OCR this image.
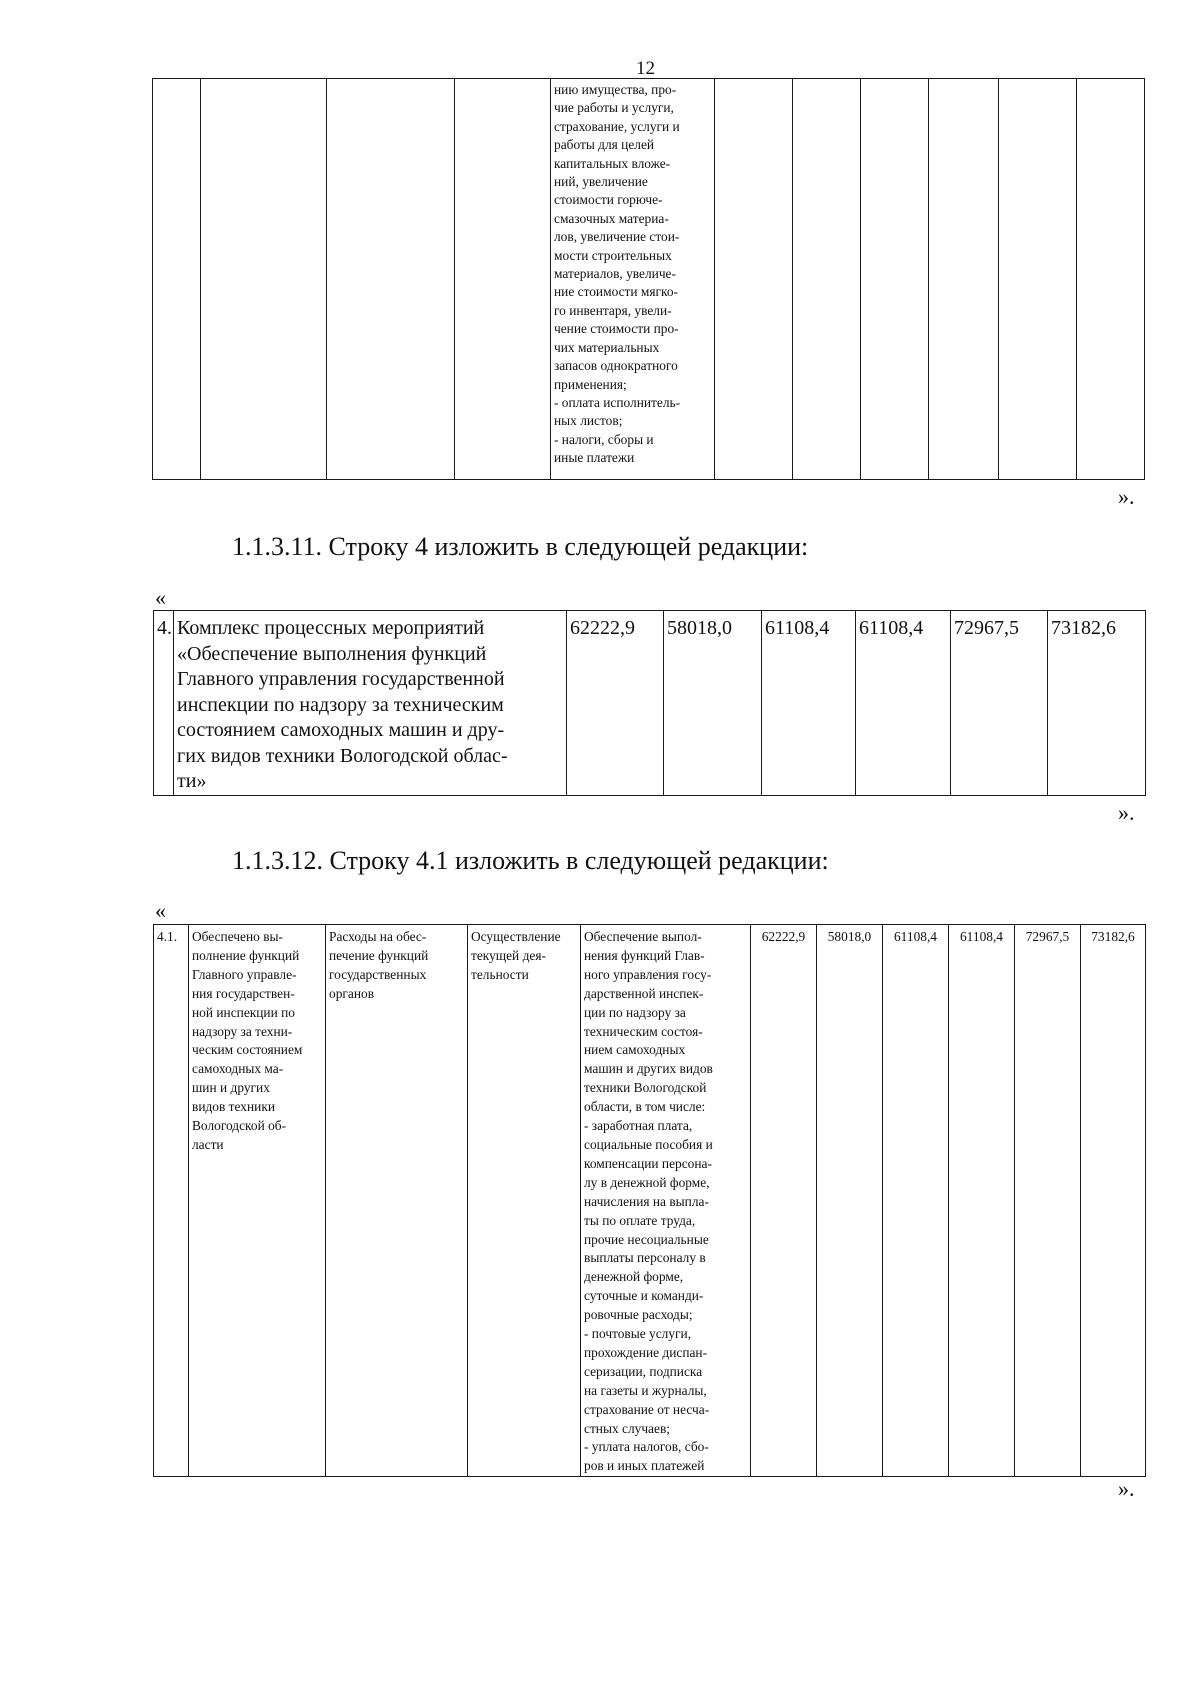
12
				нию имущества, про-
чие работы и услуги,
страхование, услуги и
работы для целей
капитальных вложе-
ний, увеличение
стоимости горюче-
смазочных материа-
лов, увеличение стои-
мости строительных
материалов, увеличе-
ние стоимости мягко-
го инвентаря, увели-
чение стоимости про-
чих материальных
запасов однократного
применения;
- оплата исполнитель-
ных листов;
- налоги, сборы и
иные платежи						
».
1.1.3.11. Строку 4 изложить в следующей редакции:
«
4.	Комплекс процессных мероприятий
«Обеспечение выполнения функций
Главного управления государственной
инспекции по надзору за техническим
состоянием самоходных машин и дру-
гих видов техники Вологодской облас-
ти»	62222,9	58018,0	61108,4	61108,4	72967,5	73182,6
».
1.1.3.12. Строку 4.1 изложить в следующей редакции:
«
4.1.	Обеспечено вы-
полнение функций
Главного управле-
ния государствен-
ной инспекции по
надзору за техни-
ческим состоянием
самоходных ма-
шин и других
видов техники
Вологодской об-
ласти	Расходы на обес-
печение функций
государственных
органов	Осуществление
текущей дея-
тельности	Обеспечение выпол-
нения функций Глав-
ного управления госу-
дарственной инспек-
ции по надзору за
техническим состоя-
нием самоходных
машин и других видов
техники Вологодской
области, в том числе:
- заработная плата,
социальные пособия и
компенсации персона-
лу в денежной форме,
начисления на выпла-
ты по оплате труда,
прочие несоциальные
выплаты персоналу в
денежной форме,
суточные и команди-
ровочные расходы;
- почтовые услуги,
прохождение диспан-
серизации, подписка
на газеты и журналы,
страхование от несча-
стных случаев;
- уплата налогов, сбо-
ров и иных платежей	62222,9	58018,0	61108,4	61108,4	72967,5	73182,6
».
